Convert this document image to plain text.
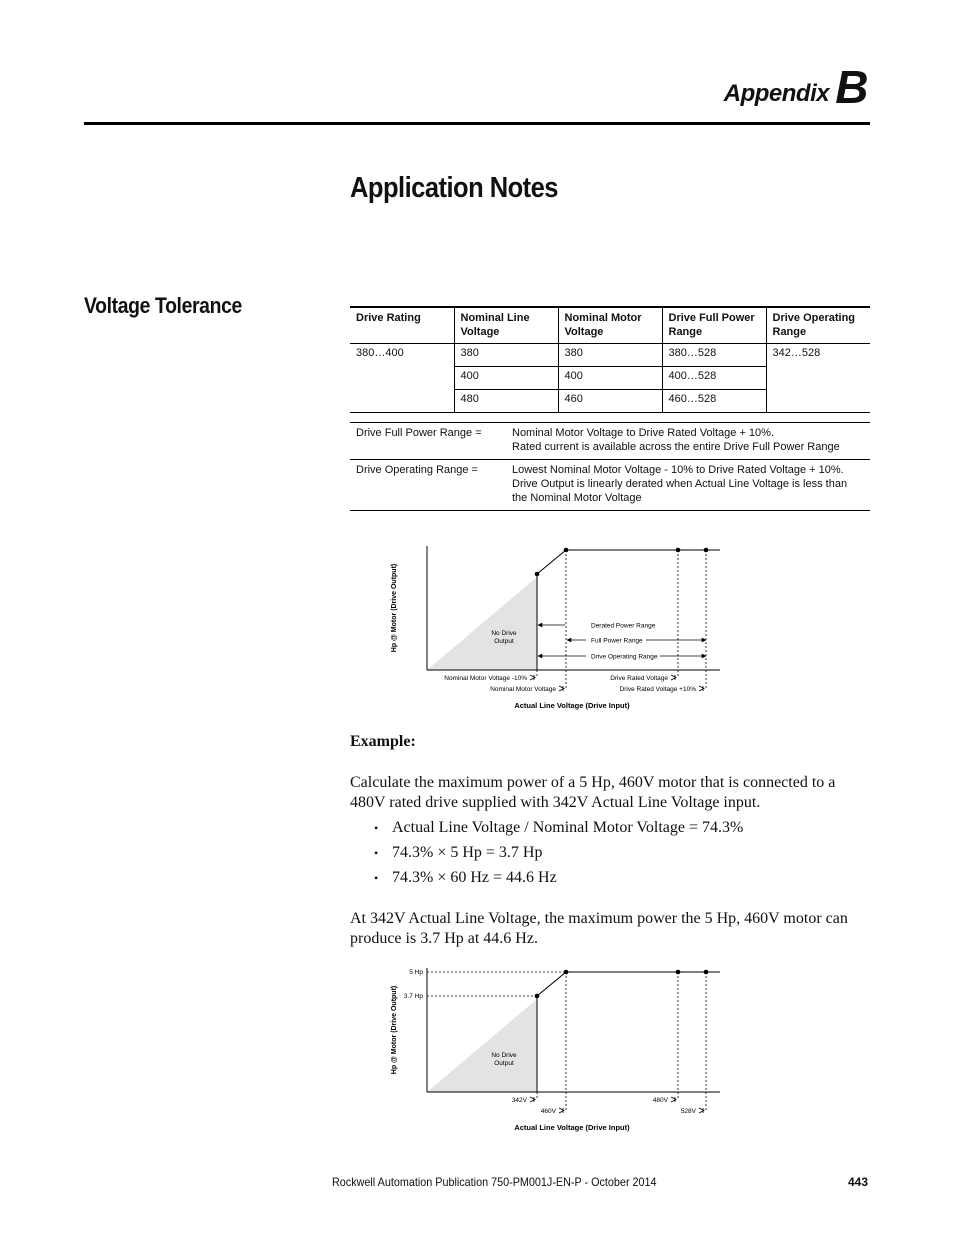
Appendix B
Application Notes
Voltage Tolerance	Drive Rating	Nominal Line Voltage	Nominal Motor Voltage	Drive Full Power Range	Drive Operating Range
380…400	380	380	380…528	342…528
	400	400	400…528	
	480	460	460…528	
Drive Full Power Range =	Nominal Motor Voltage to Drive Rated Voltage + 10%.
Rated current is available across the entire Drive Full Power Range
Drive Operating Range =	Lowest Nominal Motor Voltage - 10% to Drive Rated Voltage + 10%.
Drive Output is linearly derated when Actual Line Voltage is less than the Nominal Motor Voltage
Derated Power Range
Full Power Range
Drive Operating Range
No Drive
Output
Hp @ Motor (Drive Output)
Nominal Motor Voltage -10%	Drive Rated Voltage
Nominal Motor Voltage	Drive Rated Voltage +10%
Actual Line Voltage (Drive Input)
Example:
Calculate the maximum power of a 5 Hp, 460V motor that is connected to a 480V rated drive supplied with 342V Actual Line Voltage input.
• Actual Line Voltage / Nominal Motor Voltage = 74.3%
• 74.3% × 5 Hp = 3.7 Hp
• 74.3% × 60 Hz = 44.6 Hz
At 342V Actual Line Voltage, the maximum power the 5 Hp, 460V motor can produce is 3.7 Hp at 44.6 Hz.
5 Hp
3.7 Hp
No Drive
Output
Hp @ Motor (Drive Output)
342V	480V
460V	528V
Actual Line Voltage (Drive Input)
Rockwell Automation Publication 750-PM001J-EN-P - October 2014	443
